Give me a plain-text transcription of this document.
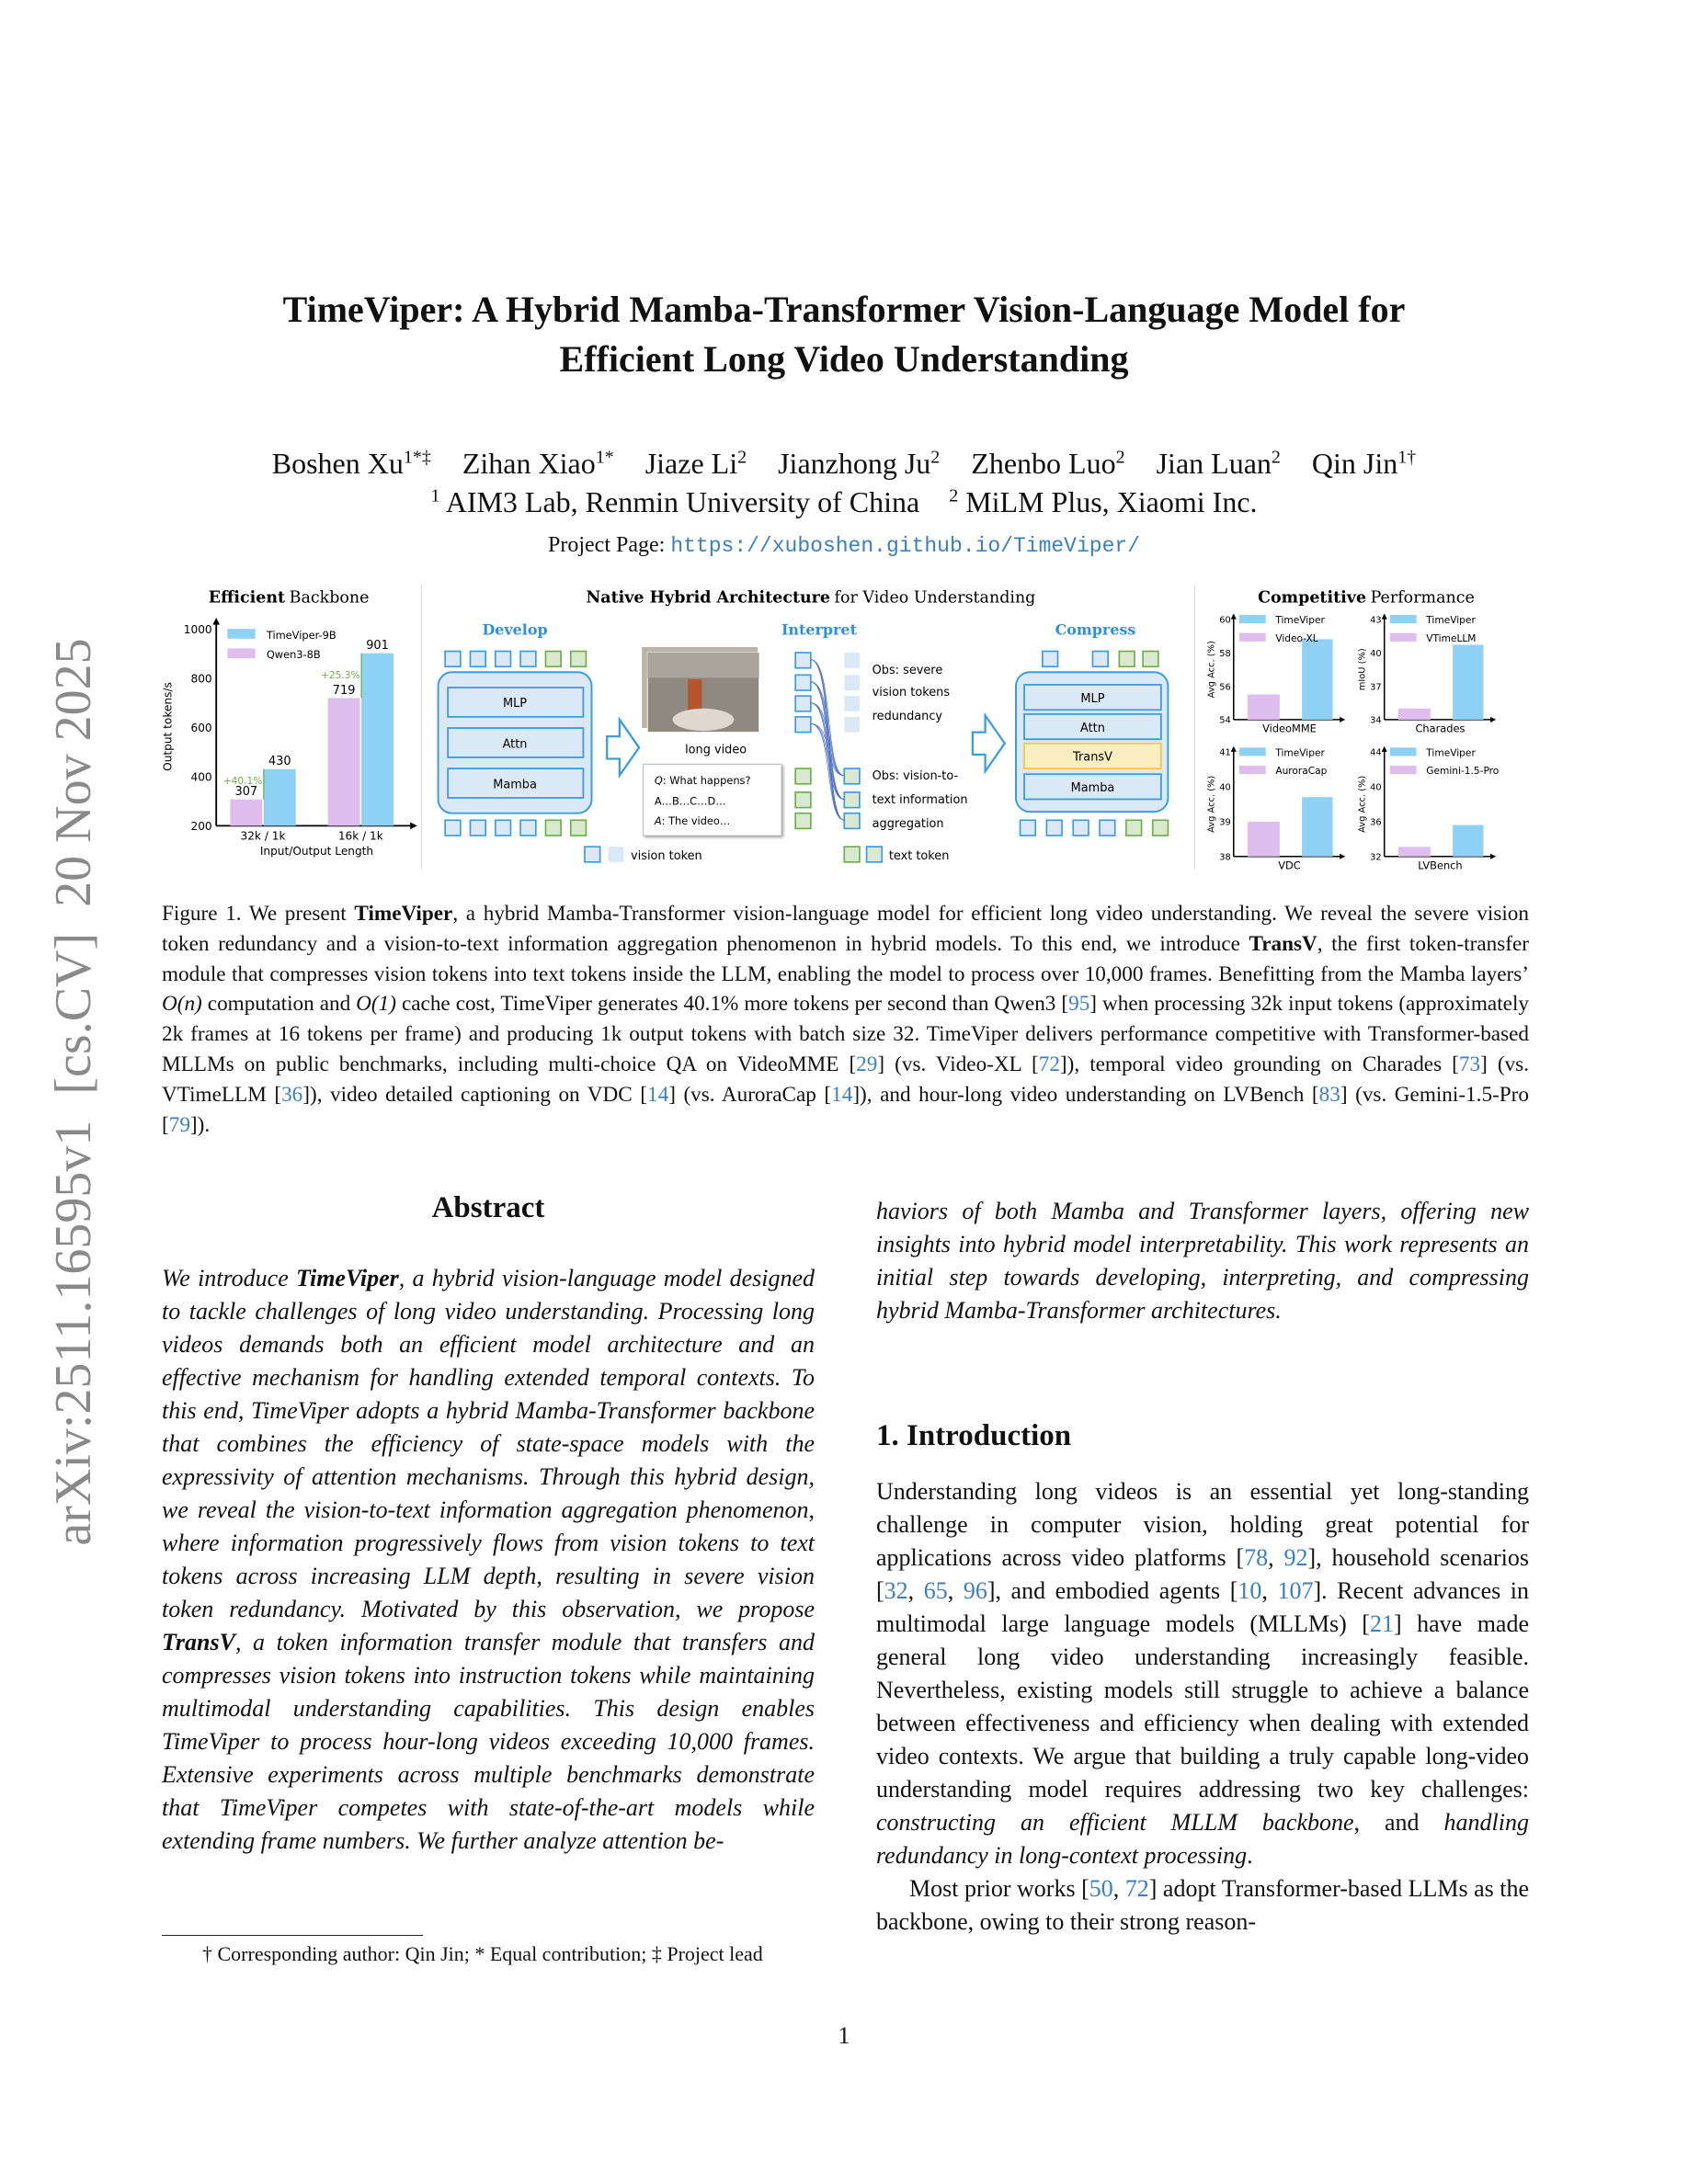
arXiv:2511.16595v1  [cs.CV]  20 Nov 2025
TimeViper: A Hybrid Mamba-Transformer Vision-Language Model for
Efficient Long Video Understanding
Boshen $Xu^{1*\ddagger}$ Zihan Xiao$^{1*}$ Jiaze Li$^2$ Jianzhong Ju$^2$ Zhenbo Luo$^2$ Jian Luan$^2$ Qin Jin$^{1\dagger}$
$^1$ AIM3 Lab, Renmin University of China $^2$ MiLM Plus, Xiaomi Inc.
Project Page: https://xuboshen.github.io/TimeViper/
Efficient Backbone	Native Hybrid Architecture for Video Understanding	Competitive Performance
200
400
600
800
1000
Output tokens/s
307
430
+40.1%
32k / 1k
719
901
+25.3%
16k / 1k
Input/Output Length
TimeViper-9B
Qwen3-8B
54
56
58
60
Avg Acc. (%)
VideoMME
TimeViper
Video-XL
34
37
40
43
mIoU (%)
Charades
TimeViper
VTimeLLM
38
39
40
41
Avg Acc. (%)
VDC
TimeViper
AuroraCap
32
36
40
44
Avg Acc. (%)
LVBench
TimeViper
Gemini-1.5-Pro
Develop	Interpret	Compress
long video
Q: What happens?
A…B…C…D…
A: The video…
Obs: severe
vision tokens
redundancy
Obs: vision-to-
text information
aggregation
vision token	text token
MLP
Attn
Mamba
MLP
Attn
TransV
Mamba
Figure 1. We present TimeViper, a hybrid Mamba-Transformer vision-language model for efficient long video understanding. We reveal the severe vision token redundancy and a vision-to-text information aggregation phenomenon in hybrid models. To this end, we introduce TransV, the first token-transfer module that compresses vision tokens into text tokens inside the LLM, enabling the model to process over 10,000 frames. Benefitting from the Mamba layers’ O(n) computation and O(1) cache cost, TimeViper generates 40.1% more tokens per second than Qwen3 [95] when processing 32k input tokens (approximately 2k frames at 16 tokens per frame) and producing 1k output tokens with batch size 32. TimeViper delivers performance competitive with Transformer-based MLLMs on public benchmarks, including multi-choice QA on VideoMME [29] (vs. Video-XL [72]), temporal video grounding on Charades [73] (vs. VTimeLLM [36]), video detailed captioning on VDC [14] (vs. AuroraCap [14]), and hour-long video understanding on LVBench [83] (vs. Gemini-1.5-Pro [79]).
Abstract
We introduce TimeViper, a hybrid vision-language model designed to tackle challenges of long video understanding. Processing long videos demands both an efficient model architecture and an effective mechanism for handling extended temporal contexts. To this end, TimeViper adopts a hybrid Mamba-Transformer backbone that combines the efficiency of state-space models with the expressivity of attention mechanisms. Through this hybrid design, we reveal the vision-to-text information aggregation phenomenon, where information progressively flows from vision tokens to text tokens across increasing LLM depth, resulting in severe vision token redundancy. Motivated by this observation, we propose TransV, a token information transfer module that transfers and compresses vision tokens into instruction tokens while maintaining multimodal understanding capabilities. This design enables TimeViper to process hour-long videos exceeding 10,000 frames. Extensive experiments across multiple benchmarks demonstrate that TimeViper competes with state-of-the-art models while extending frame numbers. We further analyze attention be-
haviors of both Mamba and Transformer layers, offering new insights into hybrid model interpretability. This work represents an initial step towards developing, interpreting, and compressing hybrid Mamba-Transformer architectures.
1. Introduction
Understanding long videos is an essential yet long-standing challenge in computer vision, holding great potential for applications across video platforms [78, 92], household scenarios [32, 65, 96], and embodied agents [10, 107]. Recent advances in multimodal large language models (MLLMs) [21] have made general long video understanding increasingly feasible. Nevertheless, existing models still struggle to achieve a balance between effectiveness and efficiency when dealing with extended video contexts. We argue that building a truly capable long-video understanding model requires addressing two key challenges: constructing an efficient MLLM backbone, and handling redundancy in long-context processing.
Most prior works [50, 72] adopt Transformer-based LLMs as the backbone, owing to their strong reason-
† Corresponding author: Qin Jin; * Equal contribution; ‡ Project lead
1
